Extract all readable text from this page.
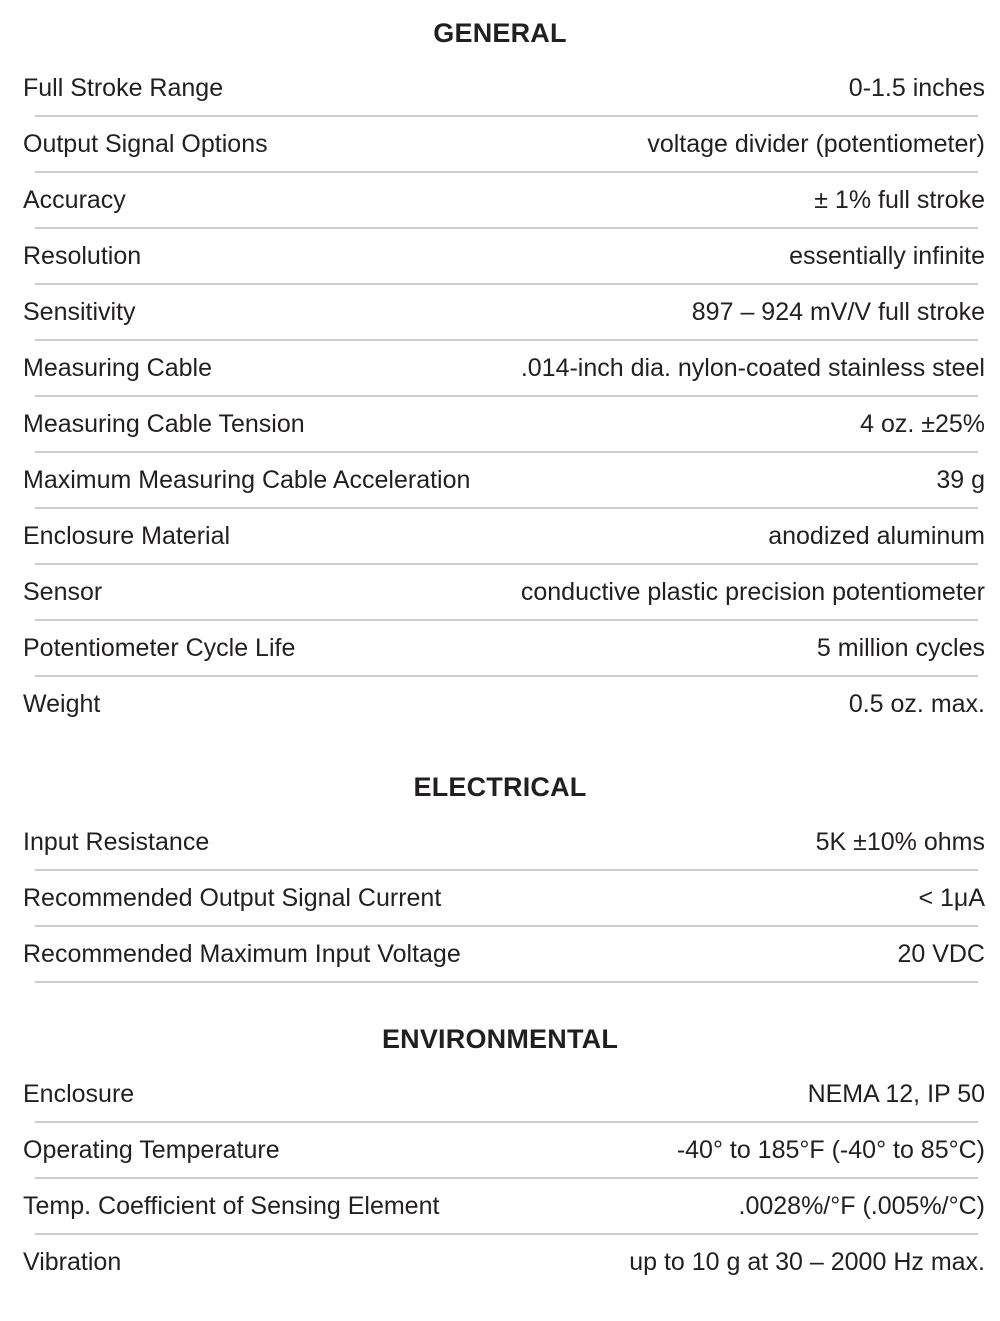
GENERAL
Full Stroke Range	0-1.5 inches
Output Signal Options	voltage divider (potentiometer)
Accuracy	± 1% full stroke
Resolution	essentially infinite
Sensitivity	897 – 924 mV/V full stroke
Measuring Cable	.014-inch dia. nylon-coated stainless steel
Measuring Cable Tension	4 oz. ±25%
Maximum Measuring Cable Acceleration	39 g
Enclosure Material	anodized aluminum
Sensor	conductive plastic precision potentiometer
Potentiometer Cycle Life	5 million cycles
Weight	0.5 oz. max.
ELECTRICAL
Input Resistance	5K ±10% ohms
Recommended Output Signal Current	< 1μA
Recommended Maximum Input Voltage	20 VDC
ENVIRONMENTAL
Enclosure	NEMA 12, IP 50
Operating Temperature	-40° to 185°F (-40° to 85°C)
Temp. Coefficient of Sensing Element	.0028%/°F (.005%/°C)
Vibration	up to 10 g at 30 – 2000 Hz max.
